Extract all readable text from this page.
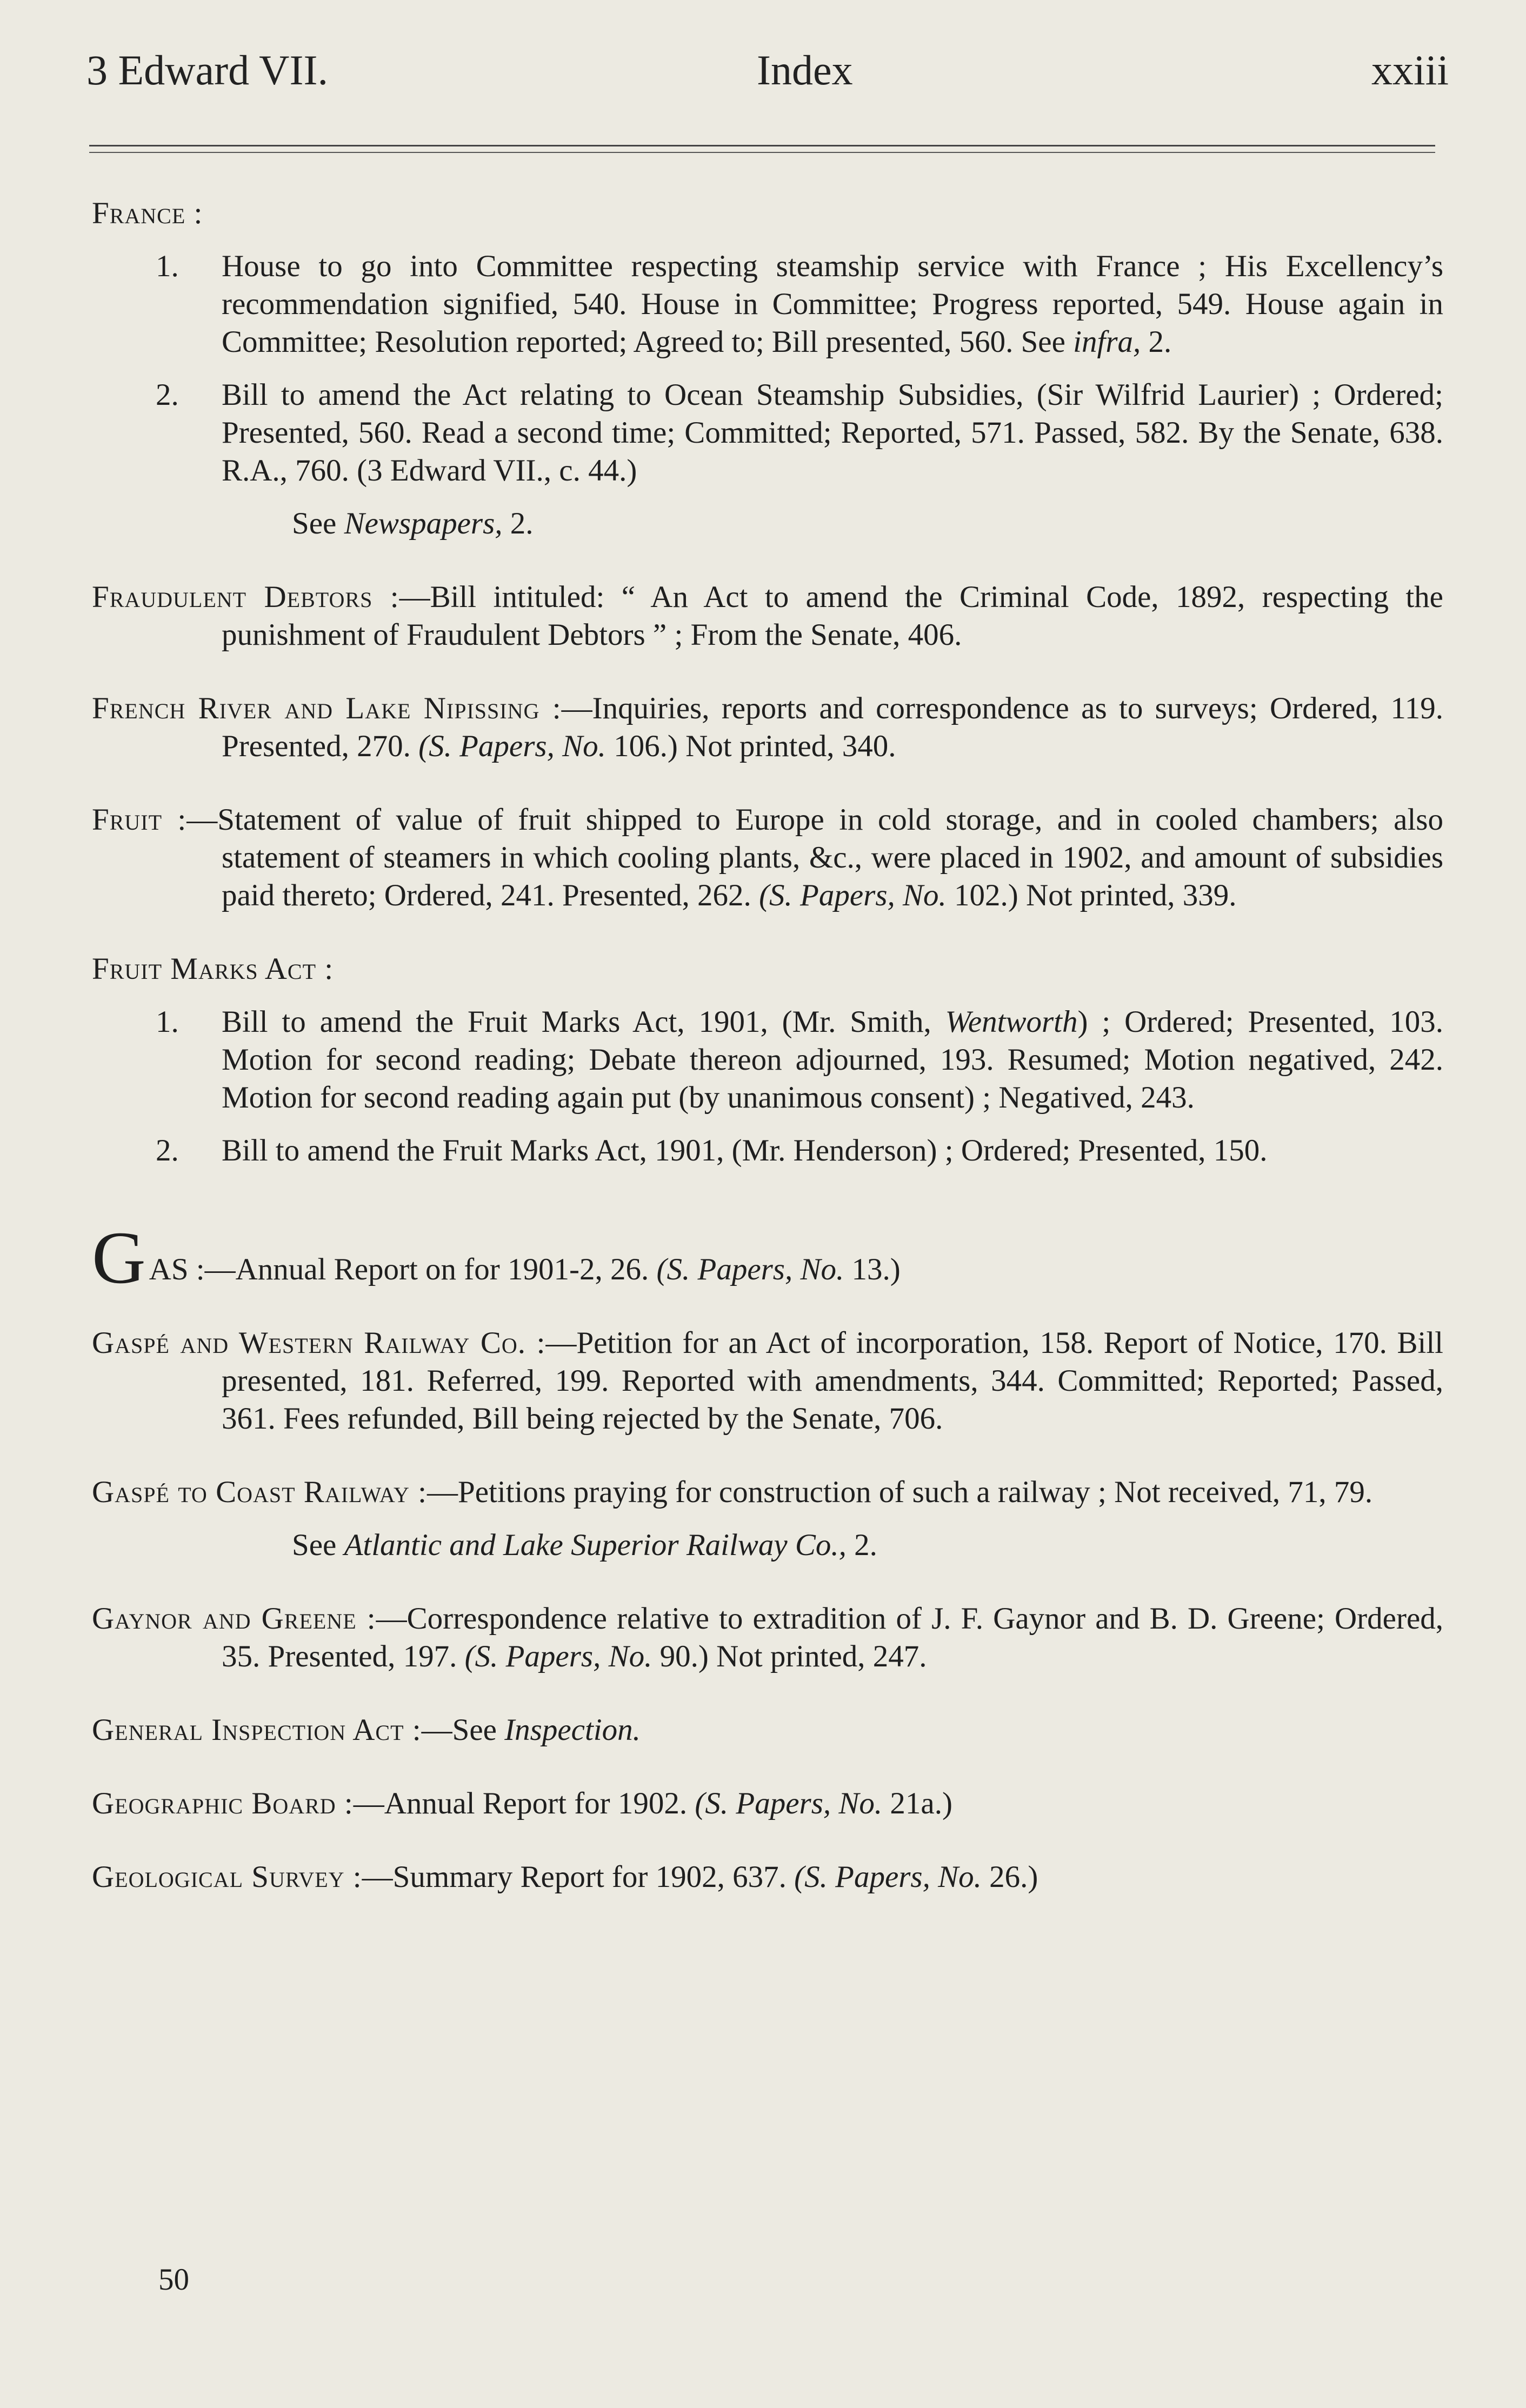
3 Edward VII.	Index	xxiii
France :

1. House to go into Committee respecting steamship service with France ; His Excellency’s recommendation signified, 540. House in Committee; Progress reported, 549. House again in Committee; Resolution reported; Agreed to; Bill presented, 560. See infra, 2.

2. Bill to amend the Act relating to Ocean Steamship Subsidies, (Sir Wilfrid Laurier) ; Ordered; Presented, 560. Read a second time; Committed; Reported, 571. Passed, 582. By the Senate, 638. R.A., 760. (3 Edward VII., c. 44.)

See Newspapers, 2.
Fraudulent Debtors :—Bill intituled: “ An Act to amend the Criminal Code, 1892, respecting the punishment of Fraudulent Debtors ” ; From the Senate, 406.
French River and Lake Nipissing :—Inquiries, reports and correspondence as to surveys; Ordered, 119. Presented, 270. (S. Papers, No. 106.) Not printed, 340.
Fruit :—Statement of value of fruit shipped to Europe in cold storage, and in cooled chambers; also statement of steamers in which cooling plants, &c., were placed in 1902, and amount of subsidies paid thereto; Ordered, 241. Presented, 262. (S. Papers, No. 102.) Not printed, 339.
Fruit Marks Act :

1. Bill to amend the Fruit Marks Act, 1901, (Mr. Smith, Wentworth) ; Ordered; Presented, 103. Motion for second reading; Debate thereon adjourned, 193. Resumed; Motion negatived, 242. Motion for second reading again put (by unanimous consent) ; Negatived, 243.

2. Bill to amend the Fruit Marks Act, 1901, (Mr. Henderson) ; Ordered; Presented, 150.

GAS :—Annual Report on for 1901-2, 26. (S. Papers, No. 13.)
Gaspé and Western Railway Co. :—Petition for an Act of incorporation, 158. Report of Notice, 170. Bill presented, 181. Referred, 199. Reported with amendments, 344. Committed; Reported; Passed, 361. Fees refunded, Bill being rejected by the Senate, 706.
Gaspé to Coast Railway :—Petitions praying for construction of such a railway ; Not received, 71, 79.
See Atlantic and Lake Superior Railway Co., 2.
Gaynor and Greene :—Correspondence relative to extradition of J. F. Gaynor and B. D. Greene; Ordered, 35. Presented, 197. (S. Papers, No. 90.) Not printed, 247.
General Inspection Act :—See Inspection.
Geographic Board :—Annual Report for 1902. (S. Papers, No. 21a.)
Geological Survey :—Summary Report for 1902, 637. (S. Papers, No. 26.)
50
